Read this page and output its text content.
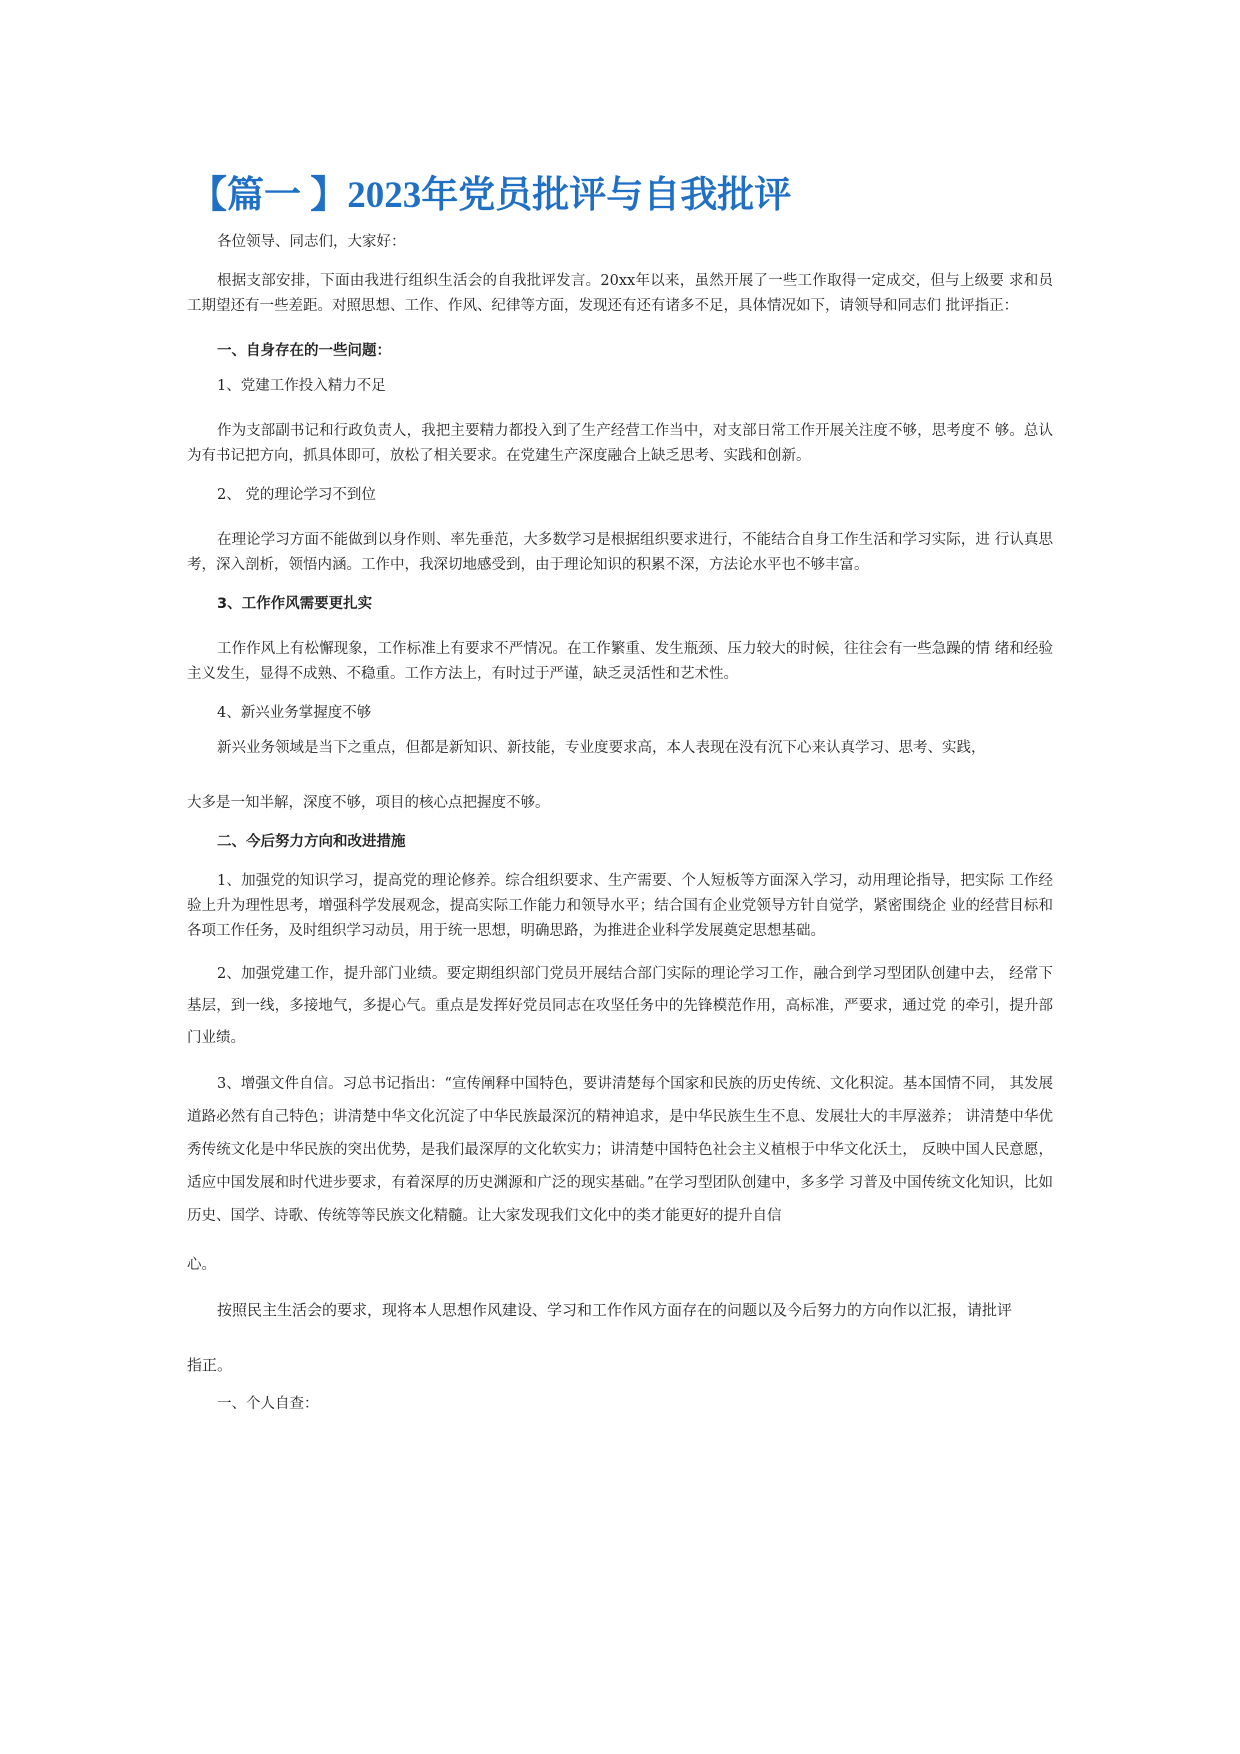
【篇一 】2023年党员批评与自我批评

各位领导、同志们，大家好：

根据支部安排，下面由我进行组织生活会的自我批评发言。20xx年以来，虽然开展了一些工作取得一定成交，但与上级要 求和员工期望还有一些差距。对照思想、工作、作风、纪律等方面，发现还有还有诸多不足，具体情况如下，请领导和同志们 批评指正：

一、自身存在的一些问题：

1、党建工作投入精力不足

作为支部副书记和行政负责人，我把主要精力都投入到了生产经营工作当中，对支部日常工作开展关注度不够，思考度不 够。总认为有书记把方向，抓具体即可，放松了相关要求。在党建生产深度融合上缺乏思考、实践和创新。

2、 党的理论学习不到位

在理论学习方面不能做到以身作则、率先垂范，大多数学习是根据组织要求进行，不能结合自身工作生活和学习实际，进 行认真思考，深入剖析，领悟内涵。工作中，我深切地感受到，由于理论知识的积累不深，方法论水平也不够丰富。

3、工作作风需要更扎实

工作作风上有松懈现象，工作标准上有要求不严情况。在工作繁重、发生瓶颈、压力较大的时候，往往会有一些急躁的情 绪和经验主义发生，显得不成熟、不稳重。工作方法上，有时过于严谨，缺乏灵活性和艺术性。

4、新兴业务掌握度不够

新兴业务领域是当下之重点，但都是新知识、新技能，专业度要求高，本人表现在没有沉下心来认真学习、思考、实践，

大多是一知半解，深度不够，项目的核心点把握度不够。

二、今后努力方向和改进措施

1、加强党的知识学习，提高党的理论修养。综合组织要求、生产需要、个人短板等方面深入学习，动用理论指导，把实际 工作经验上升为理性思考，增强科学发展观念，提高实际工作能力和领导水平；结合国有企业党领导方针自觉学，紧密围绕企 业的经营目标和各项工作任务，及时组织学习动员，用于统一思想，明确思路，为推进企业科学发展奠定思想基础。

2、加强党建工作，提升部门业绩。要定期组织部门党员开展结合部门实际的理论学习工作，融合到学习型团队创建中去， 经常下基层，到一线，多接地气，多提心气。重点是发挥好党员同志在攻坚任务中的先锋模范作用，高标准，严要求，通过党 的牵引，提升部门业绩。

3、增强文件自信。习总书记指出：“宣传阐释中国特色，要讲清楚每个国家和民族的历史传统、文化积淀。基本国情不同， 其发展道路必然有自己特色；讲清楚中华文化沉淀了中华民族最深沉的精神追求，是中华民族生生不息、发展壮大的丰厚滋养； 讲清楚中华优秀传统文化是中华民族的突出优势，是我们最深厚的文化软实力；讲清楚中国特色社会主义植根于中华文化沃土， 反映中国人民意愿，适应中国发展和时代进步要求，有着深厚的历史渊源和广泛的现实基础。”在学习型团队创建中，多多学 习普及中国传统文化知识，比如历史、国学、诗歌、传统等等民族文化精髓。让大家发现我们文化中的类才能更好的提升自信

心。

按照民主生活会的要求，现将本人思想作风建设、学习和工作作风方面存在的问题以及今后努力的方向作以汇报，请批评

指正。

一、个人自查：
